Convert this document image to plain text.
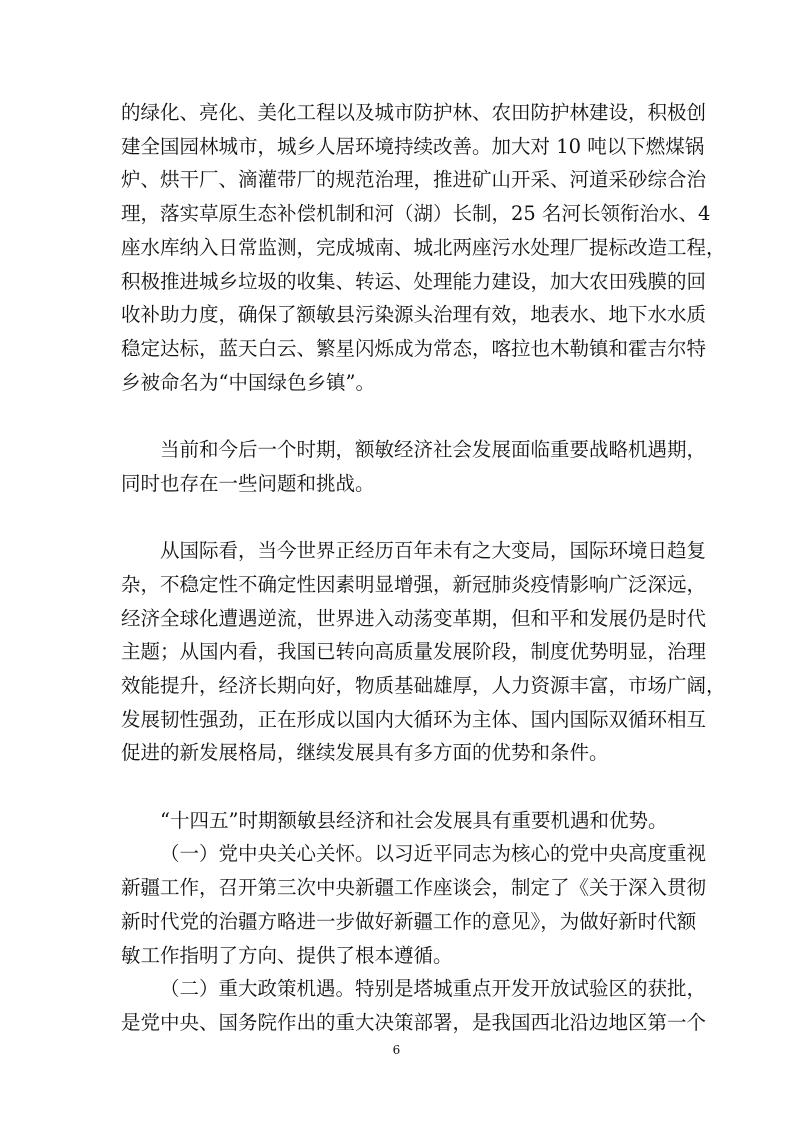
的绿化、亮化、美化工程以及城市防护林、农田防护林建设，积极创
建全国园林城市，城乡人居环境持续改善。加大对 10 吨以下燃煤锅
炉、烘干厂、滴灌带厂的规范治理，推进矿山开采、河道采砂综合治
理，落实草原生态补偿机制和河（湖）长制，25 名河长领衔治水、4
座水库纳入日常监测，完成城南、城北两座污水处理厂提标改造工程，
积极推进城乡垃圾的收集、转运、处理能力建设，加大农田残膜的回
收补助力度，确保了额敏县污染源头治理有效，地表水、地下水水质
稳定达标，蓝天白云、繁星闪烁成为常态，喀拉也木勒镇和霍吉尔特
乡被命名为“中国绿色乡镇”。
当前和今后一个时期，额敏经济社会发展面临重要战略机遇期，
同时也存在一些问题和挑战。
从国际看，当今世界正经历百年未有之大变局，国际环境日趋复
杂，不稳定性不确定性因素明显增强，新冠肺炎疫情影响广泛深远，
经济全球化遭遇逆流，世界进入动荡变革期，但和平和发展仍是时代
主题；从国内看，我国已转向高质量发展阶段，制度优势明显，治理
效能提升，经济长期向好，物质基础雄厚，人力资源丰富，市场广阔，
发展韧性强劲，正在形成以国内大循环为主体、国内国际双循环相互
促进的新发展格局，继续发展具有多方面的优势和条件。
“十四五”时期额敏县经济和社会发展具有重要机遇和优势。
（一）党中央关心关怀。以习近平同志为核心的党中央高度重视
新疆工作，召开第三次中央新疆工作座谈会，制定了《关于深入贯彻
新时代党的治疆方略进一步做好新疆工作的意见》，为做好新时代额
敏工作指明了方向、提供了根本遵循。
（二）重大政策机遇。特别是塔城重点开发开放试验区的获批，
是党中央、国务院作出的重大决策部署，是我国西北沿边地区第一个
6
